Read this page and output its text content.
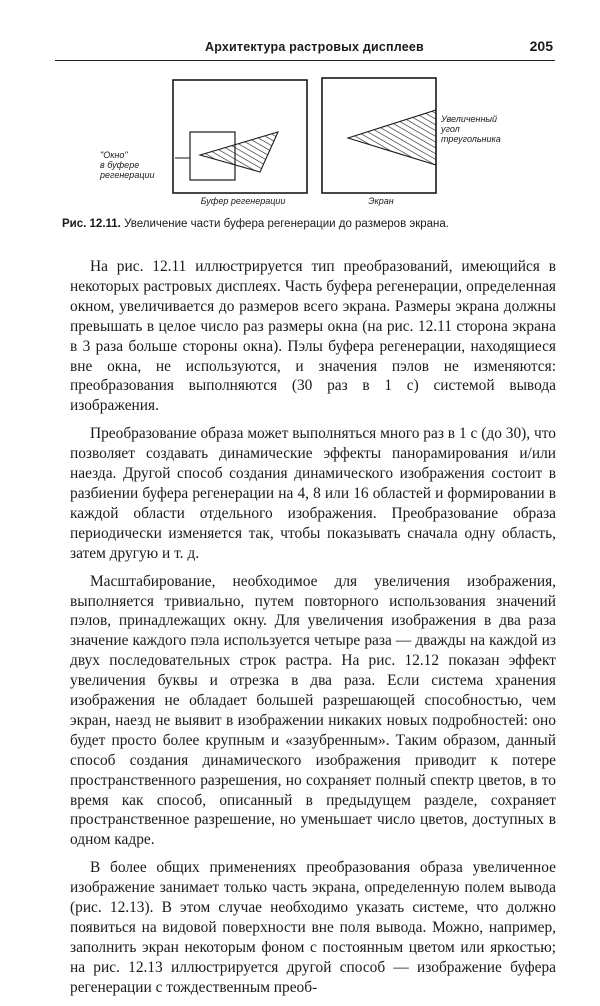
Архитектура растровых дисплеев	205
"Окно"
в буфере
регенерации
Буфер регенерации	Экран
Увеличенный
угол
треугольника
Рис. 12.11. Увеличение части буфера регенерации до размеров экрана.

На рис. 12.11 иллюстрируется тип преобразований, имеющийся в некоторых растровых дисплеях. Часть буфера регенерации, определенная окном, увеличивается до размеров всего экрана. Размеры экрана должны превышать в целое число раз размеры окна (на рис. 12.11 сторона экрана в 3 раза больше стороны окна). Пэлы буфера регенерации, находящиеся вне окна, не используются, и значения пэлов не изменяются: преобразования выполняются (30 раз в 1 с) системой вывода изображения.

Преобразование образа может выполняться много раз в 1 с (до 30), что позволяет создавать динамические эффекты панорамирования и/или наезда. Другой способ создания динамического изображения состоит в разбиении буфера регенерации на 4, 8 или 16 областей и формировании в каждой области отдельного изображения. Преобразование образа периодически изменяется так, чтобы показывать сначала одну область, затем другую и т. д.

Масштабирование, необходимое для увеличения изображения, выполняется тривиально, путем повторного использования значений пэлов, принадлежащих окну. Для увеличения изображения в два раза значение каждого пэла используется четыре раза — дважды на каждой из двух последовательных строк растра. На рис. 12.12 показан эффект увеличения буквы и отрезка в два раза. Если система хранения изображения не обладает большей разрешающей способностью, чем экран, наезд не выявит в изображении никаких новых подробностей: оно будет просто более крупным и «зазубренным». Таким образом, данный способ создания динамического изображения приводит к потере пространственного разрешения, но сохраняет полный спектр цветов, в то время как способ, описанный в предыдущем разделе, сохраняет пространственное разрешение, но уменьшает число цветов, доступных в одном кадре.

В более общих применениях преобразования образа увеличенное изображение занимает только часть экрана, определенную полем вывода (рис. 12.13). В этом случае необходимо указать системе, что должно появиться на видовой поверхности вне поля вывода. Можно, например, заполнить экран некоторым фоном с постоянным цветом или яркостью; на рис. 12.13 иллюстрируется другой способ — изображение буфера регенерации с тождественным преоб-
